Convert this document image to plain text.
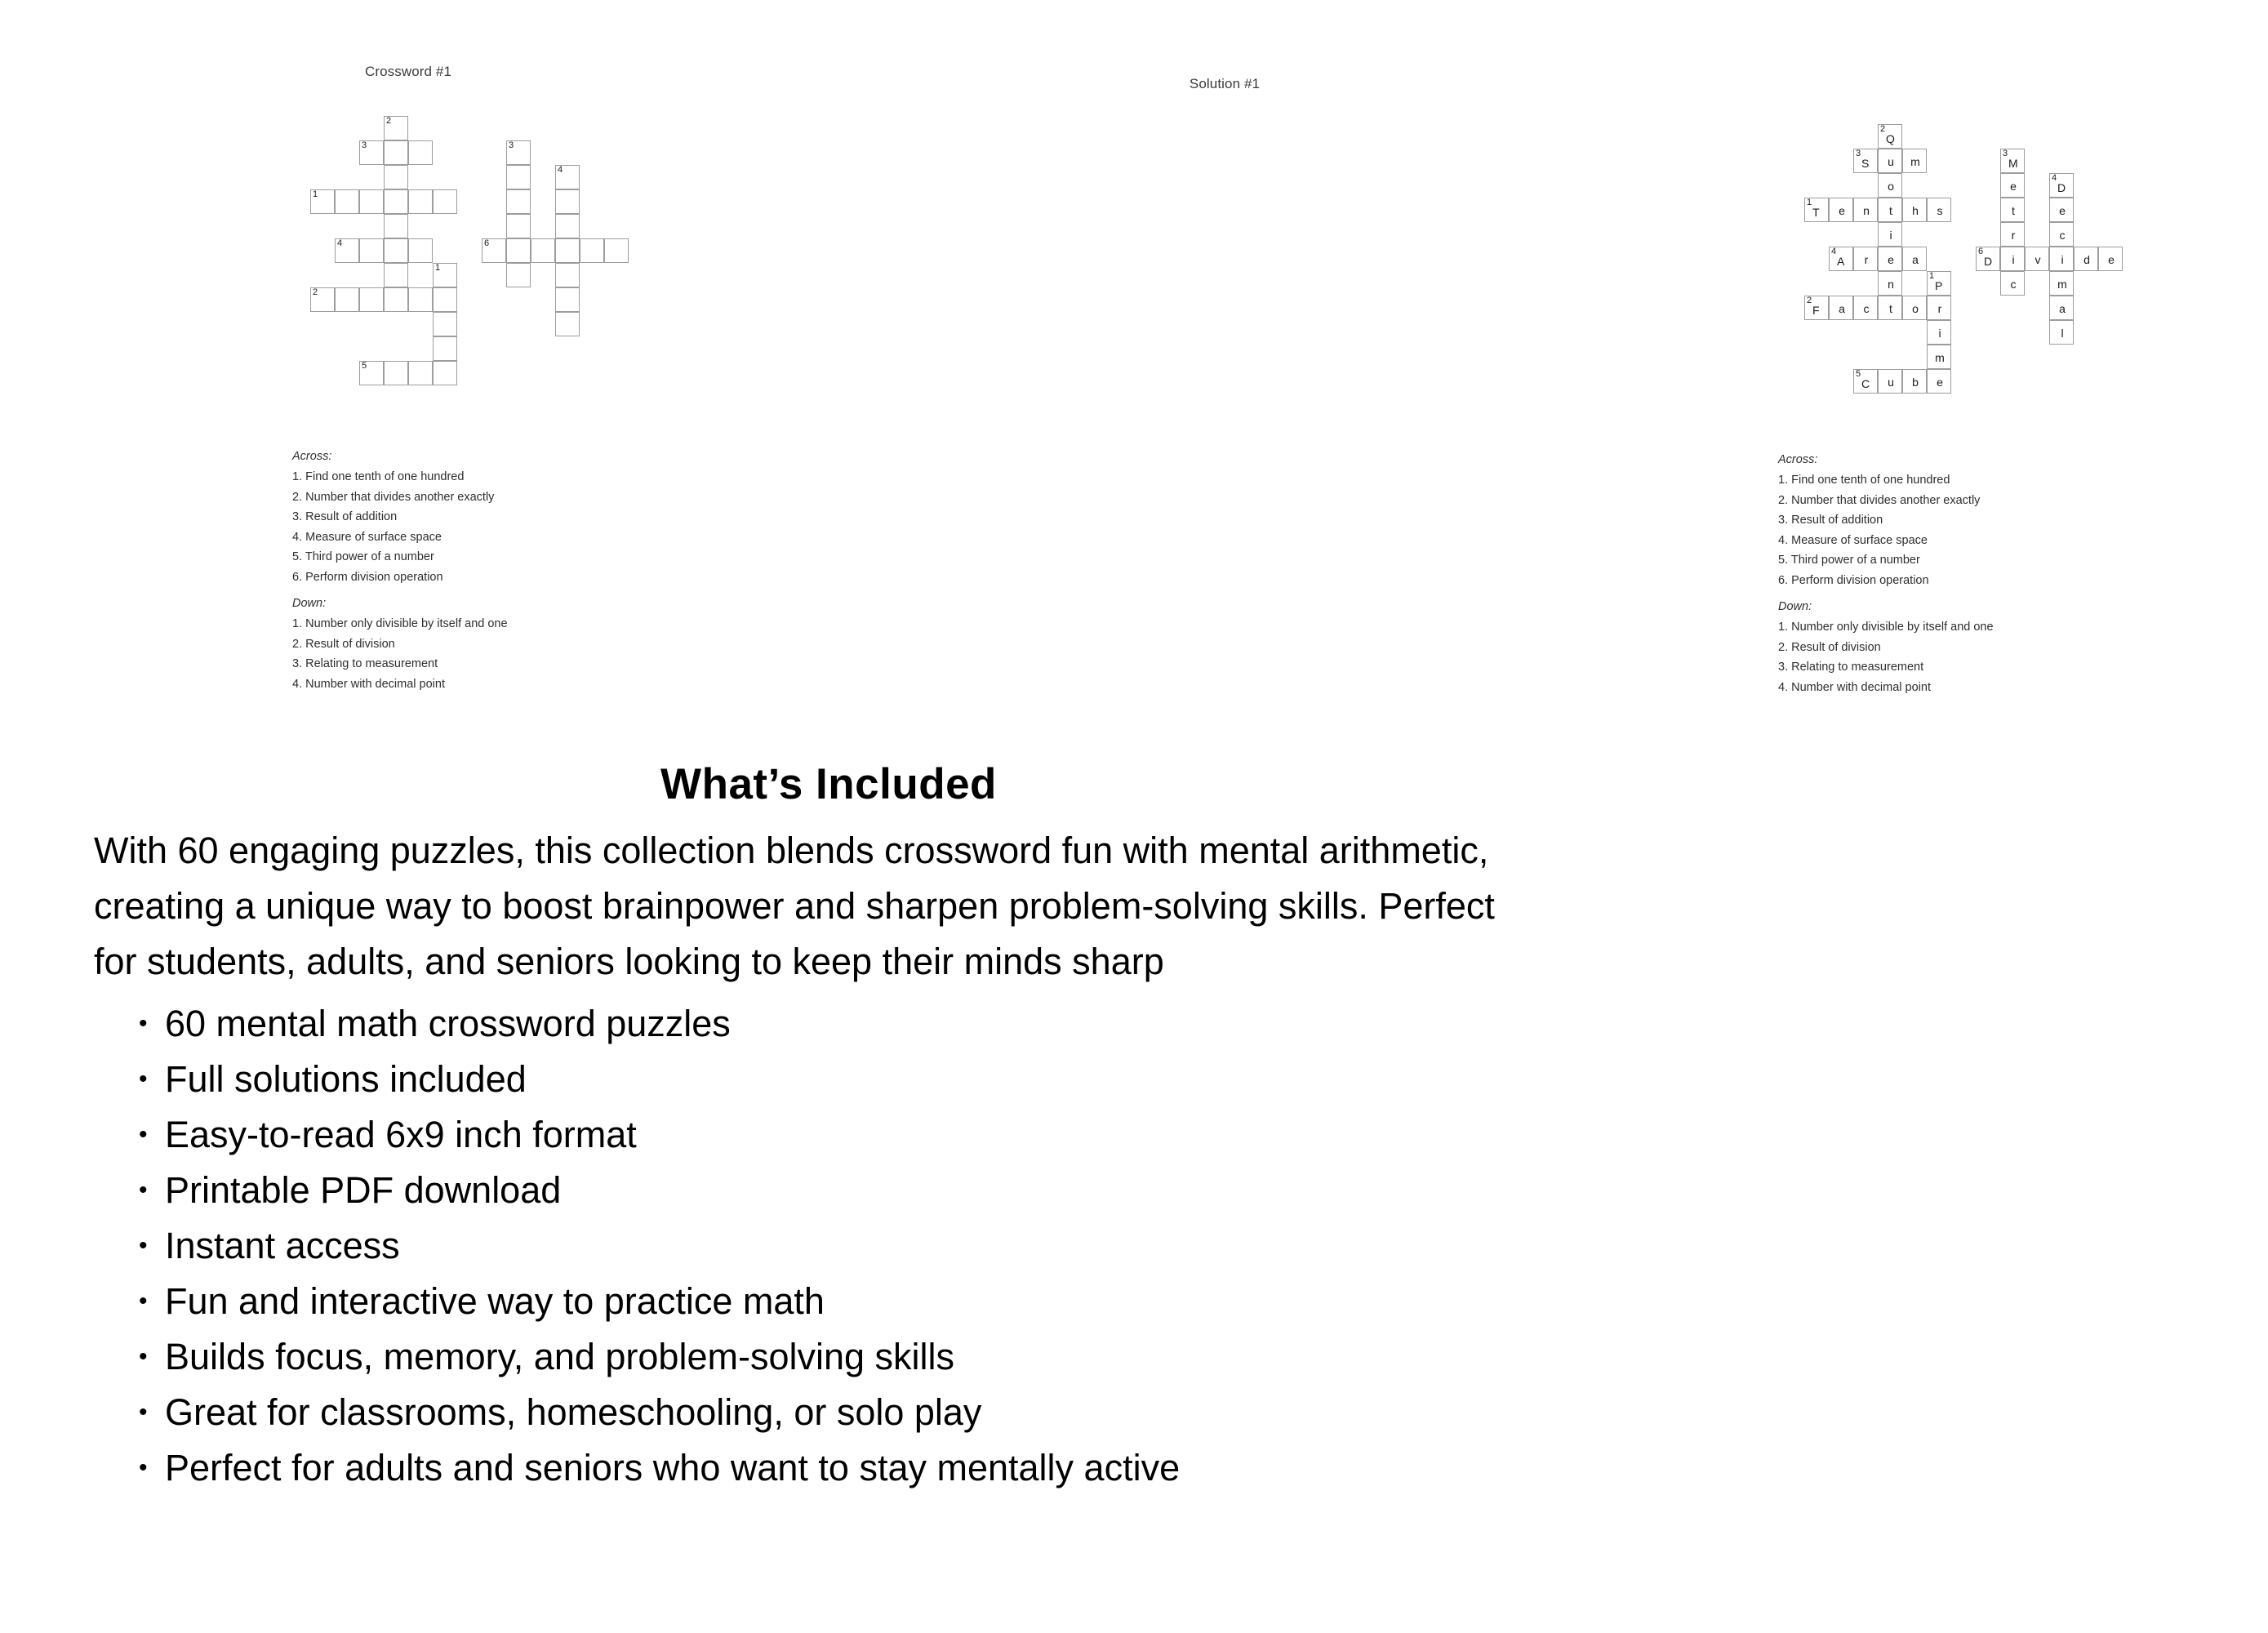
Crossword #1
2
3	3
4
1
4	6
1
2
5
Across:
1. Find one tenth of one hundred
2. Number that divides another exactly
3. Result of addition
4. Measure of surface space
5. Third power of a number
6. Perform division operation
Down:
1. Number only divisible by itself and one
2. Result of division
3. Relating to measurement
4. Number with decimal point
Solution #1
2
Q
3
S	u	m
3
M
o	e
4
D
1
T	e	n	t	h	s	t	e
i	r	c
4
A	r	e	a
6
D	i	v	i	d	e
n
1
P	c	m
2
F	a	c	t	o	r	a
i	l
m
5
C	u	b	e
Across:
1. Find one tenth of one hundred
2. Number that divides another exactly
3. Result of addition
4. Measure of surface space
5. Third power of a number
6. Perform division operation
Down:
1. Number only divisible by itself and one
2. Result of division
3. Relating to measurement
4. Number with decimal point
What’s Included

With 60 engaging puzzles, this collection blends crossword fun with mental arithmetic, creating a unique way to boost brainpower and sharpen problem-solving skills. Perfect for students, adults, and seniors looking to keep their minds sharp

• 60 mental math crossword puzzles
• Full solutions included
• Easy-to-read 6x9 inch format
• Printable PDF download
• Instant access
• Fun and interactive way to practice math
• Builds focus, memory, and problem-solving skills
• Great for classrooms, homeschooling, or solo play
• Perfect for adults and seniors who want to stay mentally active
